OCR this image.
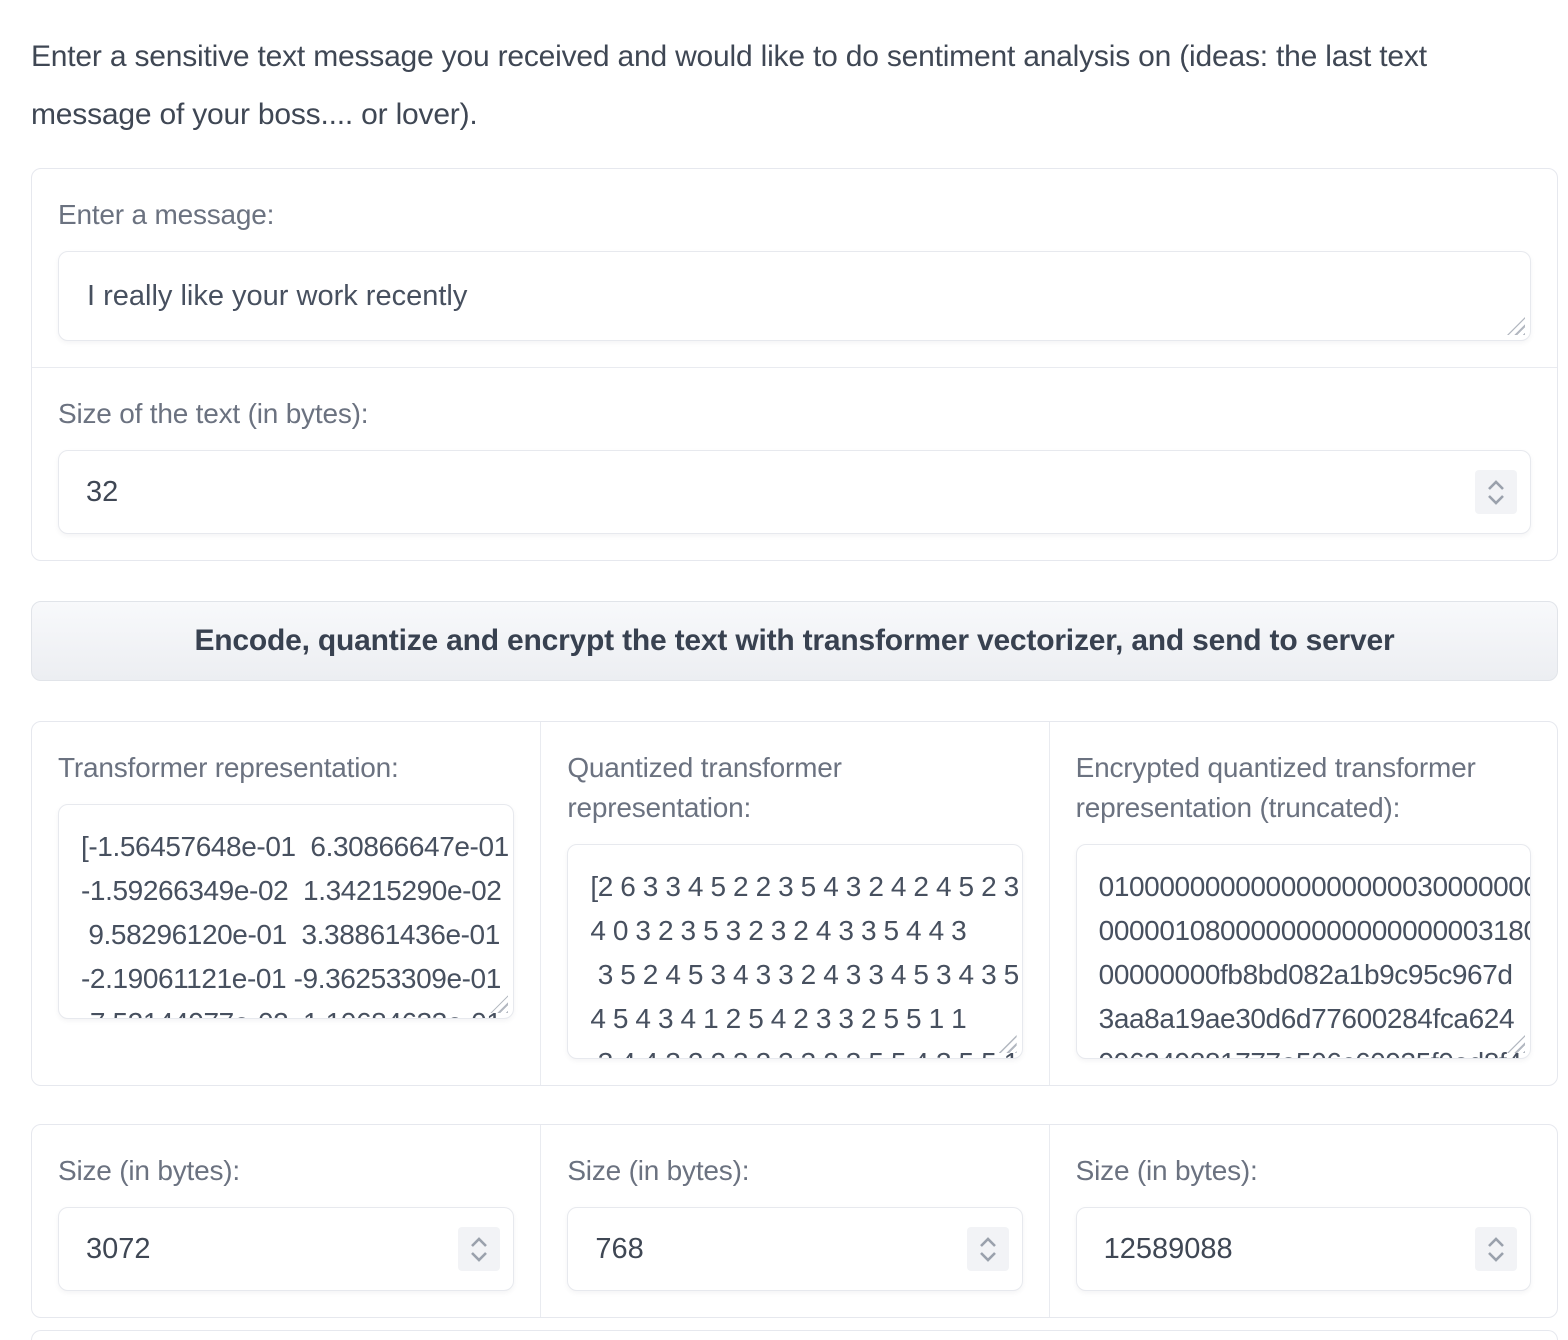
Enter a sensitive text message you received and would like to do sentiment analysis on (ideas: the last text message of your boss.... or lover).
Enter a message:
I really like your work recently
Size of the text (in bytes):
32
Encode, quantize and encrypt the text with transformer vectorizer, and send to server
Transformer representation:
[-1.56457648e-01 6.30866647e-01 -1.59266349e-02 1.34215290e-02 9.58296120e-01 3.38861436e-01 -2.19061121e-01 -9.36253309e-01 -7.52144977e-02 1.10684633e-01	Quantized transformer representation:
[2 6 3 3 4 5 2 2 3 5 4 3 2 4 2 4 5 2 3 2 4 0 3 2 3 5 3 2 3 2 4 3 3 5 4 4 3 3 5 2 4 5 3 4 3 3 2 4 3 3 4 5 3 4 3 5 4 4 5 4 3 4 1 2 5 4 2 3 3 2 5 5 1 1 3 4 4 3 2 2 3 2 3 3 2 3 5 5 4 3 5 5 1 2
Encrypted quantized transformer representation (truncated):
010000000000000000000300000000 000001080000000000000000031800 00000000fb8bd082a1b9c95c967d 3aa8a19ae30d6d77600284fca624 996349881777e506c60935f0ed8f4
Size (in bytes):
3072	Size (in bytes):
768	Size (in bytes):
12589088
